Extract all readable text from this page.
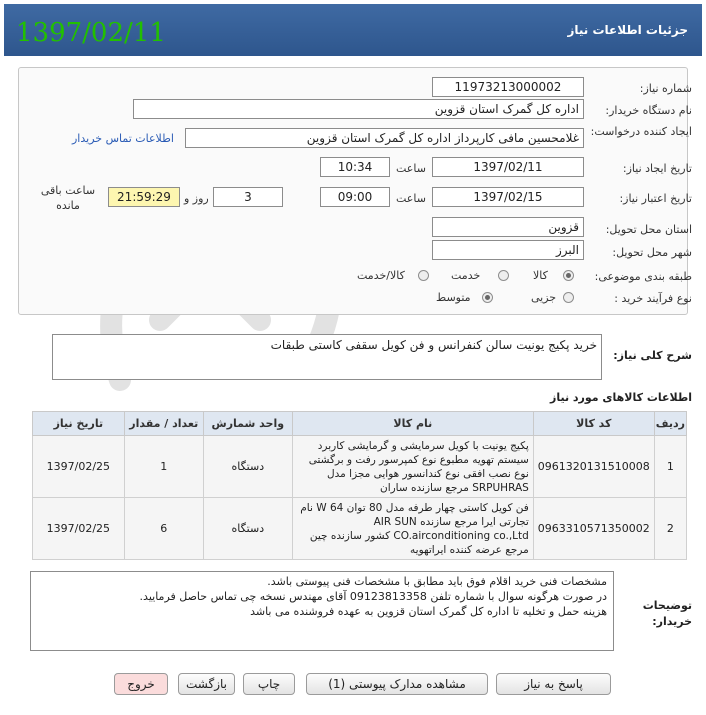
1397/02/11	جزئیات اطلاعات نیاز
شماره نیاز:
1197321300000​2
نام دستگاه خریدار:
اداره کل گمرک استان قزوین
ایجاد کننده درخواست:
غلامحسین مافی کارپرداز اداره کل گمرک استان قزوین
اطلاعات تماس خریدار
تاریخ ایجاد نیاز:
1397/02/11
ساعت
10:34
تاریخ اعتبار نیاز:
1397/02/15
ساعت
09:00
3
روز و
21:59:29
ساعت باقی مانده
استان محل تحویل:
قزوین
شهر محل تحویل:
البرز
طبقه بندی موضوعی:
کالا
خدمت
کالا/خدمت
نوع فرآیند خرید :
جزیی
متوسط
شرح کلی نیاز:
خرید پکیج یونیت سالن کنفرانس و فن کویل سقفی کاستی طبقات
اطلاعات کالاهای مورد نیاز
ردیف	کد کالا	نام کالا	واحد شمارش	تعداد / مقدار	تاریخ نیاز
1	0961320131510008	پکیج یونیت با کویل سرمایشی و گرمایشی کاربرد سیستم تهویه مطبوع نوع کمپرسور رفت و برگشتی نوع نصب افقی نوع کندانسور هوایی مجزا مدل SRPUHRAS مرجع سازنده ساران	دستگاه	1	1397/02/25
2	0963310571350002	فن کویل کاستی چهار طرفه مدل 80 توان 64 W نام تجارتی ایرا مرجع سازنده AIR SUN CO.airconditioning co.,Ltd کشور سازنده چین مرجع عرضه کننده ایراتهویه	دستگاه	6	1397/02/25
توضیحات خریدار:
مشخصات فنی خرید اقلام فوق باید مطابق با مشخصات فنی پیوستی باشد.
در صورت هرگونه سوال با شماره تلفن 09123813358 آقای مهندس نسخه چی تماس حاصل فرمایید.
هزینه حمل و تخلیه تا اداره کل گمرک استان قزوین به عهده فروشنده می باشد
پاسخ به نیاز
مشاهده مدارک پیوستی (1)
چاپ
بازگشت
خروج
